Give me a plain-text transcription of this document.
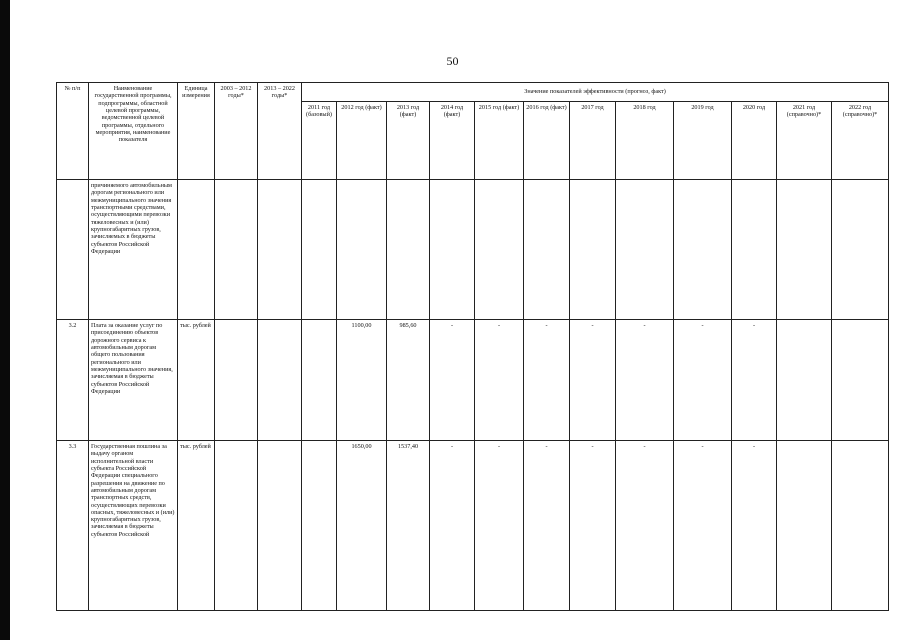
50
№ п/п	Наименование государственной программы, подпрограммы, областной целевой программы, ведомственной целевой программы, отдельного мероприятия, наименование показателя	Единица измерения	2003 – 2012 годы*	2013 – 2022 годы*	Значение показателей эффективности (прогноз, факт)											
					2011 год (базовый)	2012 год (факт)	2013 год (факт)	2014 год (факт)	2015 год (факт)	2016 год (факт)	2017 год	2018 год	2019 год	2020 год	2021 год (справочно)*	2022 год (справочно)*
	причиняемого автомобильным дорогам регионального или межмуниципального значения транспортными средствами, осуществляющими перевозки тяжеловесных и (или) крупногабаритных грузов, зачисляемых в бюджеты субъектов Российской Федерации															
3.2	Плата за оказание услуг по присоединению объектов дорожного сервиса к автомобильным дорогам общего пользования регионального или межмуниципального значения, зачисляемая в бюджеты субъектов Российской Федерации	тыс. рублей				1100,00	985,60	-	-	-	-	-	-	-		
3.3	Государственная пошлина за выдачу органом исполнительной власти субъекта Российской Федерации специального разрешения на движение по автомобильным дорогам транспортных средств, осуществляющих перевозки опасных, тяжеловесных и (или) крупногабаритных грузов, зачисляемая в бюджеты субъектов Российской	тыс. рублей				1650,00	1537,40	-	-	-	-	-	-	-		
